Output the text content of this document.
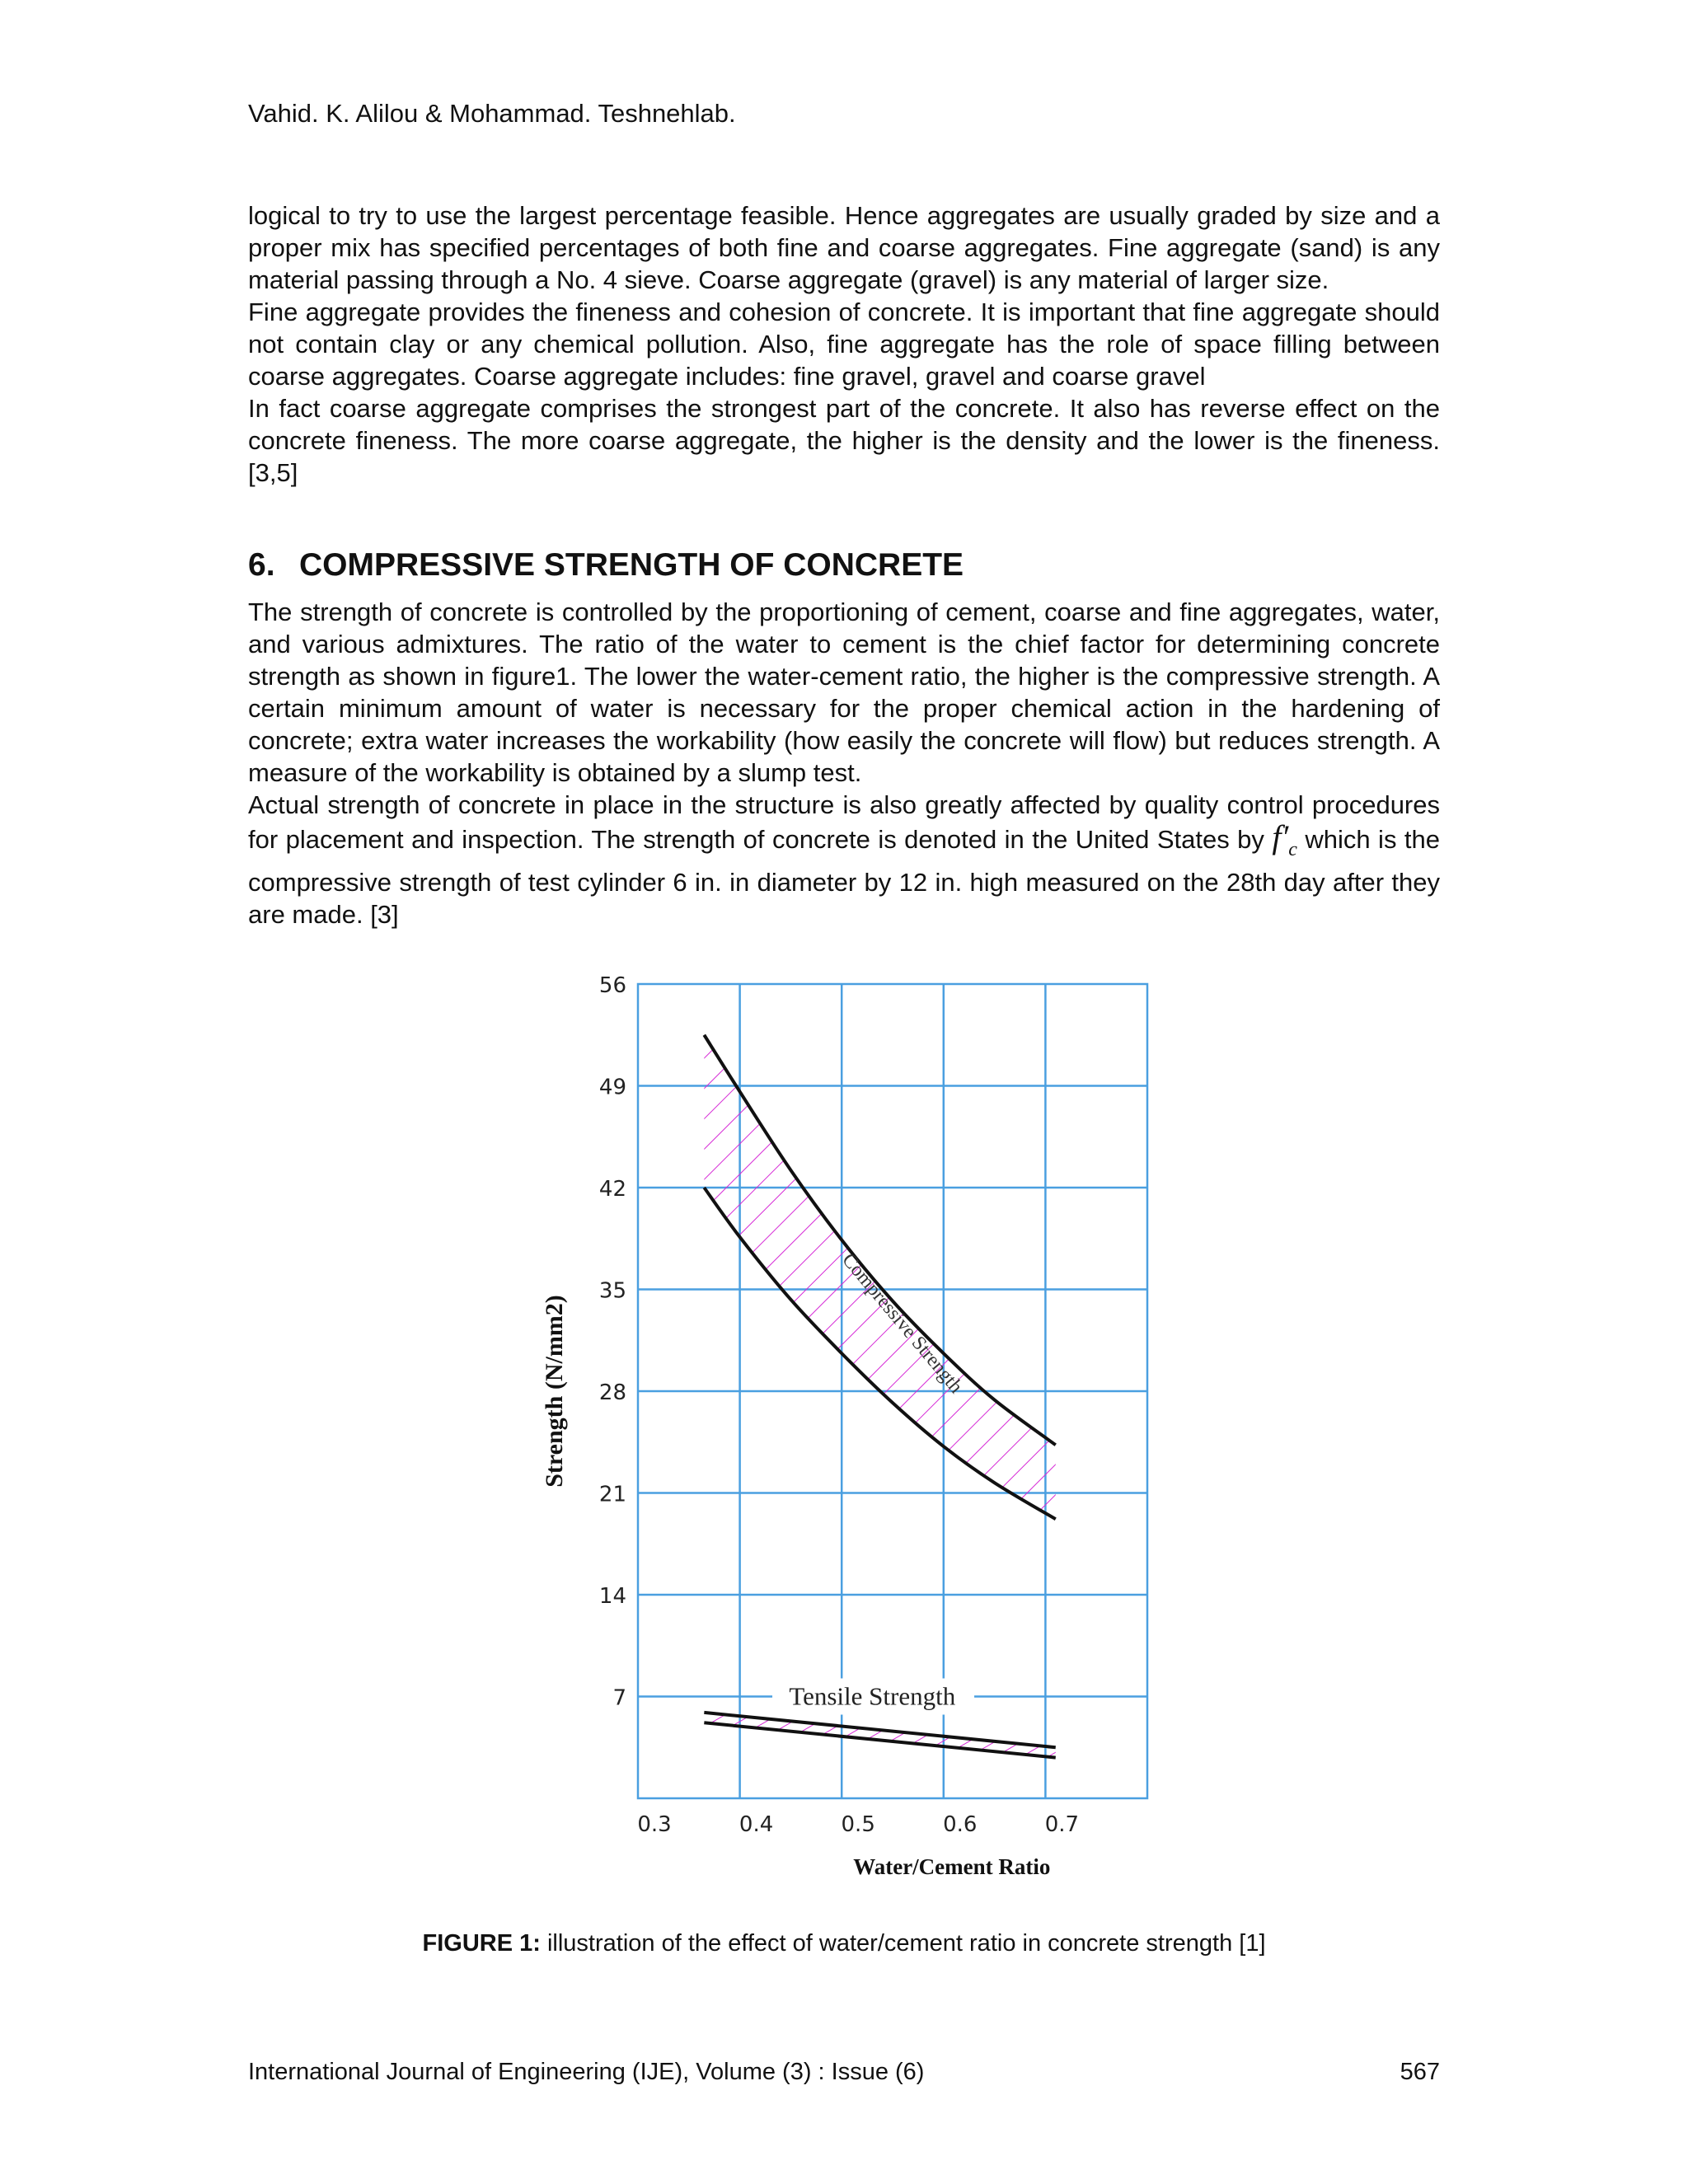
Vahid. K. Alilou & Mohammad. Teshnehlab.

logical to try to use the largest percentage feasible. Hence aggregates are usually graded by size and a proper mix has specified percentages of both fine and coarse aggregates. Fine aggregate (sand) is any material passing through a No. 4 sieve. Coarse aggregate (gravel) is any material of larger size.

Fine aggregate provides the fineness and cohesion of concrete. It is important that fine aggregate should not contain clay or any chemical pollution. Also, fine aggregate has the role of space filling between coarse aggregates. Coarse aggregate includes: fine gravel, gravel and coarse gravel

In fact coarse aggregate comprises the strongest part of the concrete. It also has reverse effect on the concrete fineness. The more coarse aggregate, the higher is the density and the lower is the fineness. [3,5]

6. COMPRESSIVE STRENGTH OF CONCRETE

The strength of concrete is controlled by the proportioning of cement, coarse and fine aggregates, water, and various admixtures. The ratio of the water to cement is the chief factor for determining concrete strength as shown in figure1. The lower the water-cement ratio, the higher is the compressive strength. A certain minimum amount of water is necessary for the proper chemical action in the hardening of concrete; extra water increases the workability (how easily the concrete will flow) but reduces strength. A measure of the workability is obtained by a slump test.

Actual strength of concrete in place in the structure is also greatly affected by quality control procedures for placement and inspection. The strength of concrete is denoted in the United States by $f'_c$ which is the compressive strength of test cylinder 6 in. in diameter by 12 in. high measured on the 28th day after they are made. [3]

7
14
21
28
35
42
49
56
0.3	0.4	0.5	0.6	0.7
Tensile Strength
Compressive Strength
Strength (N/mm2)
Water/Cement Ratio
FIGURE 1: illustration of the effect of water/cement ratio in concrete strength [1]
International Journal of Engineering (IJE), Volume (3) : Issue (6)	567
